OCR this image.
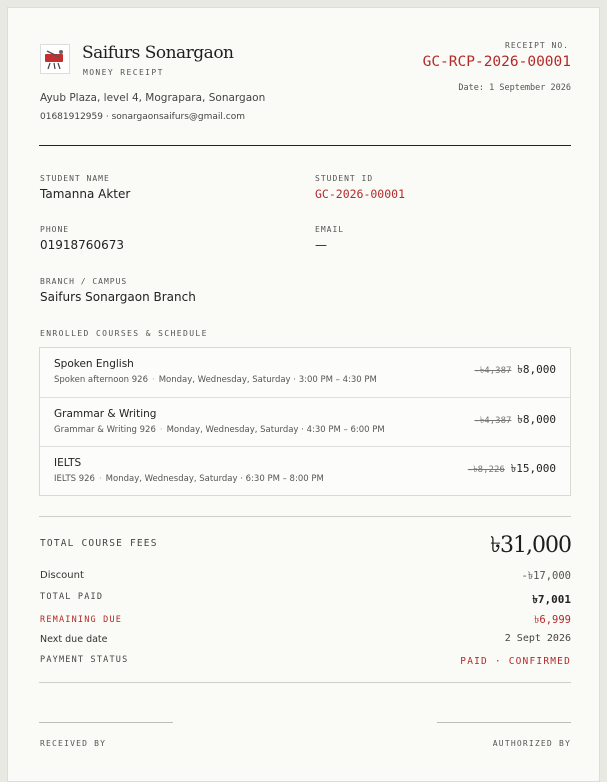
Saifurs Sonargaon
MONEY RECEIPT
Ayub Plaza, level 4, Mograpara, Sonargaon
01681912959 · sonargaonsaifurs@gmail.com
RECEIPT NO.
GC-RCP-2026-00001
Date: 1 September 2026
STUDENT NAME
Tamanna Akter
STUDENT ID
GC-2026-00001
PHONE
01918760673
EMAIL
—
BRANCH / CAMPUS
Saifurs Sonargaon Branch
ENROLLED COURSES & SCHEDULE
Spoken English
Spoken afternoon 926 · Monday, Wednesday, Saturday · 3:00 PM – 4:30 PM
-৳4,387 ৳8,000
Grammar & Writing
Grammar & Writing 926 · Monday, Wednesday, Saturday · 4:30 PM – 6:00 PM
-৳4,387 ৳8,000
IELTS
IELTS 926 · Monday, Wednesday, Saturday · 6:30 PM – 8:00 PM
-৳8,226 ৳15,000
TOTAL COURSE FEES	৳31,000
Discount	-৳17,000
TOTAL PAID	৳7,001
REMAINING DUE	৳6,999
Next due date	2 Sept 2026
PAYMENT STATUS	PAID · CONFIRMED
RECEIVED BY	AUTHORIZED BY
